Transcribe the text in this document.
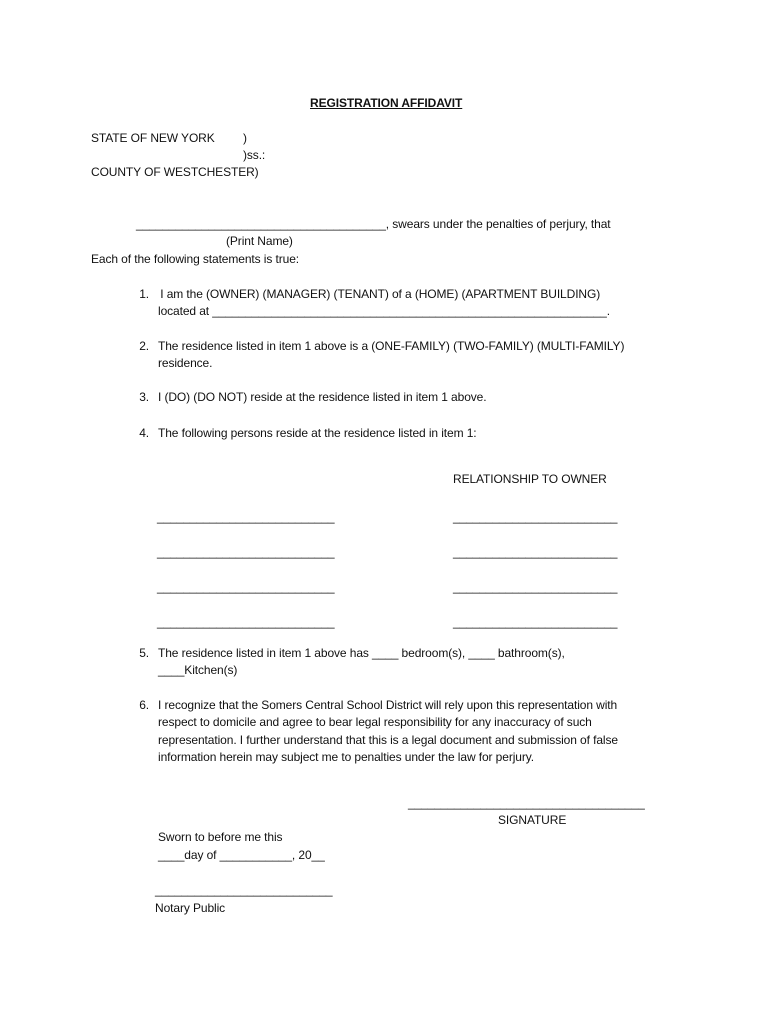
REGISTRATION AFFIDAVIT
STATE OF NEW YORK )
)ss.:
COUNTY OF WESTCHESTER)
______________________________________, swears under the penalties of perjury, that
(Print Name)
Each of the following statements is true:
1. I am the (OWNER) (MANAGER) (TENANT) of a (HOME) (APARTMENT BUILDING)
located at ____________________________________________________________.
2. The residence listed in item 1 above is a (ONE-FAMILY) (TWO-FAMILY) (MULTI-FAMILY)
residence.
3. I (DO) (DO NOT) reside at the residence listed in item 1 above.
4. The following persons reside at the residence listed in item 1:
RELATIONSHIP TO OWNER
___________________________	_________________________
___________________________	_________________________
___________________________	_________________________
___________________________	_________________________
5. The residence listed in item 1 above has ____ bedroom(s), ____ bathroom(s),
____Kitchen(s)
6. I recognize that the Somers Central School District will rely upon this representation with
respect to domicile and agree to bear legal responsibility for any inaccuracy of such
representation. I further understand that this is a legal document and submission of false
information herein may subject me to penalties under the law for perjury.
____________________________________
SIGNATURE
Sworn to before me this
____day of ___________, 20__
___________________________
Notary Public
